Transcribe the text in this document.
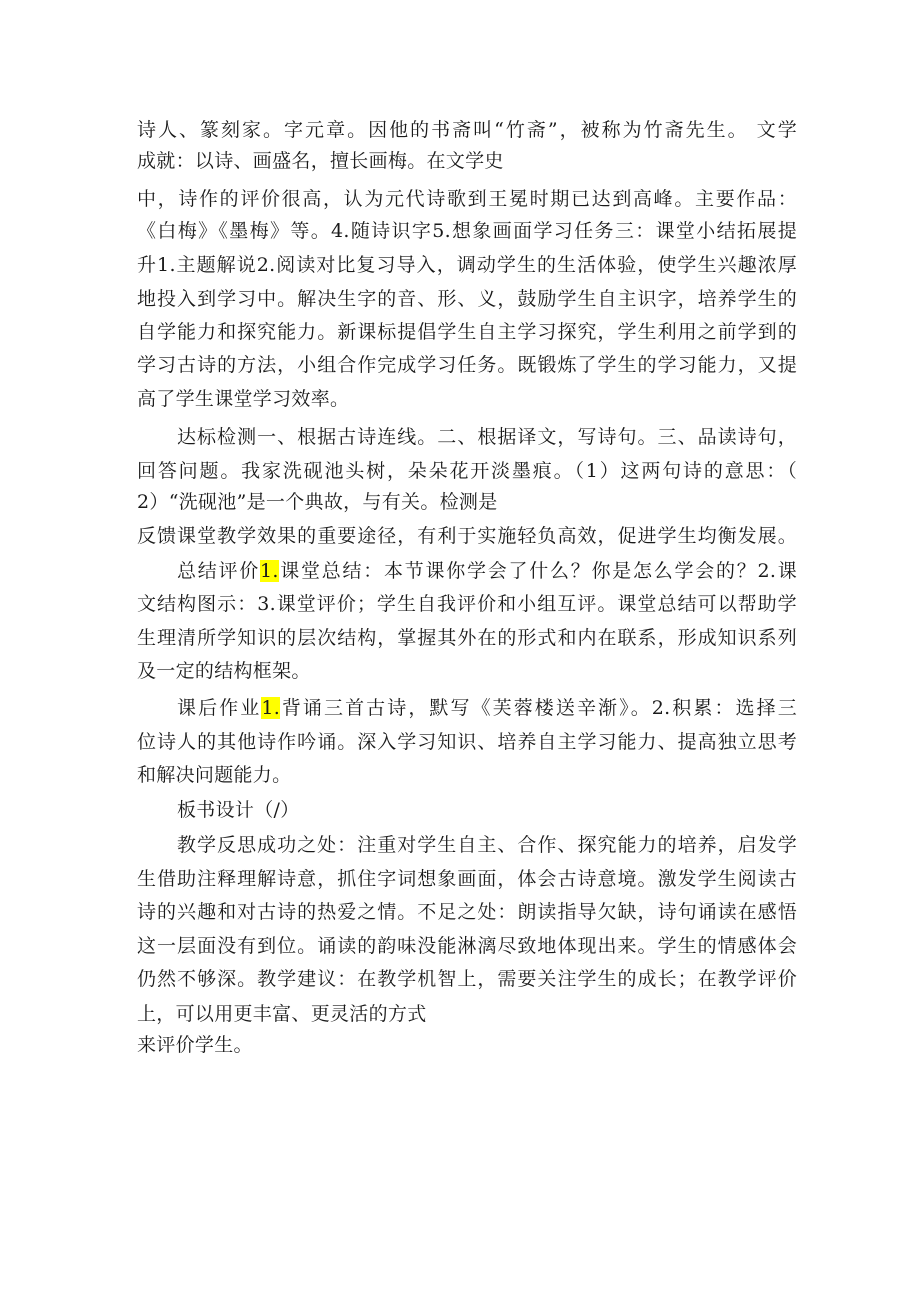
诗人、篆刻家。字元章。因他的书斋叫“竹斋”，被称为竹斋先生。 文学
成就：以诗、画盛名，擅长画梅。在文学史
中，诗作的评价很高，认为元代诗歌到王冕时期已达到高峰。主要作品：
《白梅》《墨梅》等。4.随诗识字5.想象画面学习任务三：课堂小结拓展提
升1.主题解说2.阅读对比复习导入，调动学生的生活体验，使学生兴趣浓厚
地投入到学习中。解决生字的音、形、义，鼓励学生自主识字，培养学生的
自学能力和探究能力。新课标提倡学生自主学习探究，学生利用之前学到的
学习古诗的方法，小组合作完成学习任务。既锻炼了学生的学习能力，又提
高了学生课堂学习效率。
达标检测一、根据古诗连线。二、根据译文，写诗句。三、品读诗句，
回答问题。我家洗砚池头树，朵朵花开淡墨痕。（1）这两句诗的意思：（
2）“洗砚池”是一个典故，与有关。检测是
反馈课堂教学效果的重要途径，有利于实施轻负高效，促进学生均衡发展。
总结评价1.课堂总结：本节课你学会了什么？你是怎么学会的？2.课
文结构图示：3.课堂评价；学生自我评价和小组互评。课堂总结可以帮助学
生理清所学知识的层次结构，掌握其外在的形式和内在联系，形成知识系列
及一定的结构框架。
课后作业1.背诵三首古诗，默写《芙蓉楼送辛渐》。2.积累：选择三
位诗人的其他诗作吟诵。深入学习知识、培养自主学习能力、提高独立思考
和解决问题能力。
板书设计（/）
教学反思成功之处：注重对学生自主、合作、探究能力的培养，启发学
生借助注释理解诗意，抓住字词想象画面，体会古诗意境。激发学生阅读古
诗的兴趣和对古诗的热爱之情。不足之处：朗读指导欠缺，诗句诵读在感悟
这一层面没有到位。诵读的韵味没能淋漓尽致地体现出来。学生的情感体会
仍然不够深。教学建议：在教学机智上，需要关注学生的成长；在教学评价
上，可以用更丰富、更灵活的方式
来评价学生。
